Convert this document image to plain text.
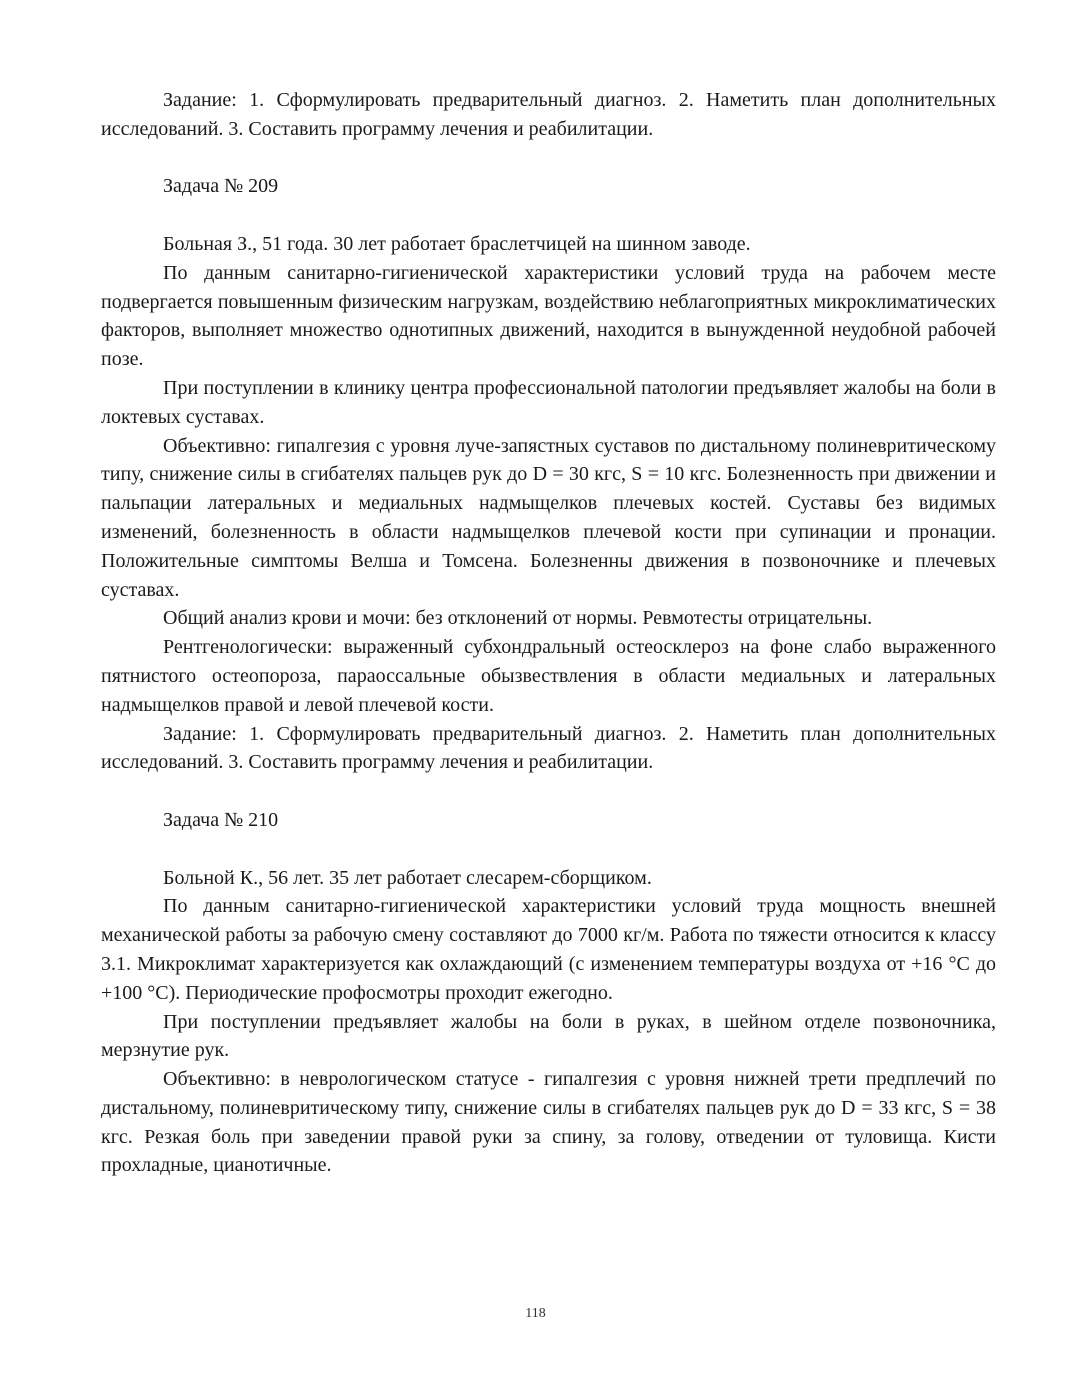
Задание: 1. Сформулировать предварительный диагноз. 2. Наметить план дополнительных исследований. 3. Составить программу лечения и реабилитации.

Задача № 209

Больная З., 51 года. 30 лет работает браслетчицей на шинном заводе.

По данным санитарно-гигиенической характеристики условий труда на рабочем месте подвергается повышенным физическим нагрузкам, воздействию неблагоприятных микроклиматических факторов, выполняет множество однотипных движений, находится в вынужденной неудобной рабочей позе.

При поступлении в клинику центра профессиональной патологии предъявляет жалобы на боли в локтевых суставах.

Объективно: гипалгезия с уровня луче-запястных суставов по дистальному полиневритическому типу, снижение силы в сгибателях пальцев рук до D = 30 кгс, S = 10 кгс. Болезненность при движении и пальпации латеральных и медиальных надмыщелков плечевых костей. Суставы без видимых изменений, болезненность в области надмыщелков плечевой кости при супинации и пронации. Положительные симптомы Велша и Томсена. Болезненны движения в позвоночнике и плечевых суставах.

Общий анализ крови и мочи: без отклонений от нормы. Ревмотесты отрицательны.

Рентгенологически: выраженный субхондральный остеосклероз на фоне слабо выраженного пятнистого остеопороза, параоссальные обызвествления в области медиальных и латеральных надмыщелков правой и левой плечевой кости.

Задание: 1. Сформулировать предварительный диагноз. 2. Наметить план дополнительных исследований. 3. Составить программу лечения и реабилитации.

Задача № 210

Больной К., 56 лет. 35 лет работает слесарем-сборщиком.

По данным санитарно-гигиенической характеристики условий труда мощность внешней механической работы за рабочую смену составляют до 7000 кг/м. Работа по тяжести относится к классу 3.1. Микроклимат характеризуется как охлаждающий (с изменением температуры воздуха от +16 °С до +100 °С). Периодические профосмотры проходит ежегодно.

При поступлении предъявляет жалобы на боли в руках, в шейном отделе позвоночника, мерзнутие рук.

Объективно: в неврологическом статусе - гипалгезия с уровня нижней трети предплечий по дистальному, полиневритическому типу, снижение силы в сгибателях пальцев рук до D = 33 кгс, S = 38 кгс. Резкая боль при заведении правой руки за спину, за голову, отведении от туловища. Кисти прохладные, цианотичные.

118
